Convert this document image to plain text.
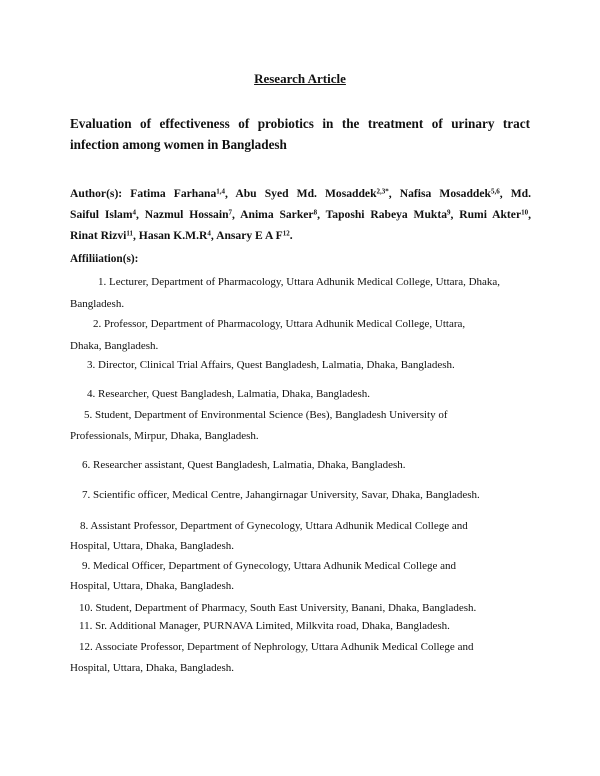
Research Article
Evaluation of effectiveness of probiotics in the treatment of urinary tract
infection among women in Bangladesh
Author(s): Fatima Farhana$^{1,4}$, Abu Syed Md. Mosaddek$^{2,3*}$, Nafisa Mosaddek$^{5,6}$, Md.
Saiful Islam$^4$, Nazmul Hossain$^7$, Anima Sarker$^8$, Taposhi Rabeya Mukta$^9$, Rumi Akter$^{10}$,
Rinat Rizvi$^{11}$, Hasan $K.M.R^4$, Ansary E A $F^{12}$.
Affiliiation(s):
1. Lecturer, Department of Pharmacology, Uttara Adhunik Medical College, Uttara, Dhaka,
Bangladesh.
2. Professor, Department of Pharmacology, Uttara Adhunik Medical College, Uttara,
Dhaka, Bangladesh.
3. Director, Clinical Trial Affairs, Quest Bangladesh, Lalmatia, Dhaka, Bangladesh.
4. Researcher, Quest Bangladesh, Lalmatia, Dhaka, Bangladesh.
5. Student, Department of Environmental Science (Bes), Bangladesh University of
Professionals, Mirpur, Dhaka, Bangladesh.
6. Researcher assistant, Quest Bangladesh, Lalmatia, Dhaka, Bangladesh.
7. Scientific officer, Medical Centre, Jahangirnagar University, Savar, Dhaka, Bangladesh.
8. Assistant Professor, Department of Gynecology, Uttara Adhunik Medical College and
Hospital, Uttara, Dhaka, Bangladesh.
9. Medical Officer, Department of Gynecology, Uttara Adhunik Medical College and
Hospital, Uttara, Dhaka, Bangladesh.
10. Student, Department of Pharmacy, South East University, Banani, Dhaka, Bangladesh.
11. Sr. Additional Manager, PURNAVA Limited, Milkvita road, Dhaka, Bangladesh.
12. Associate Professor, Department of Nephrology, Uttara Adhunik Medical College and
Hospital, Uttara, Dhaka, Bangladesh.
